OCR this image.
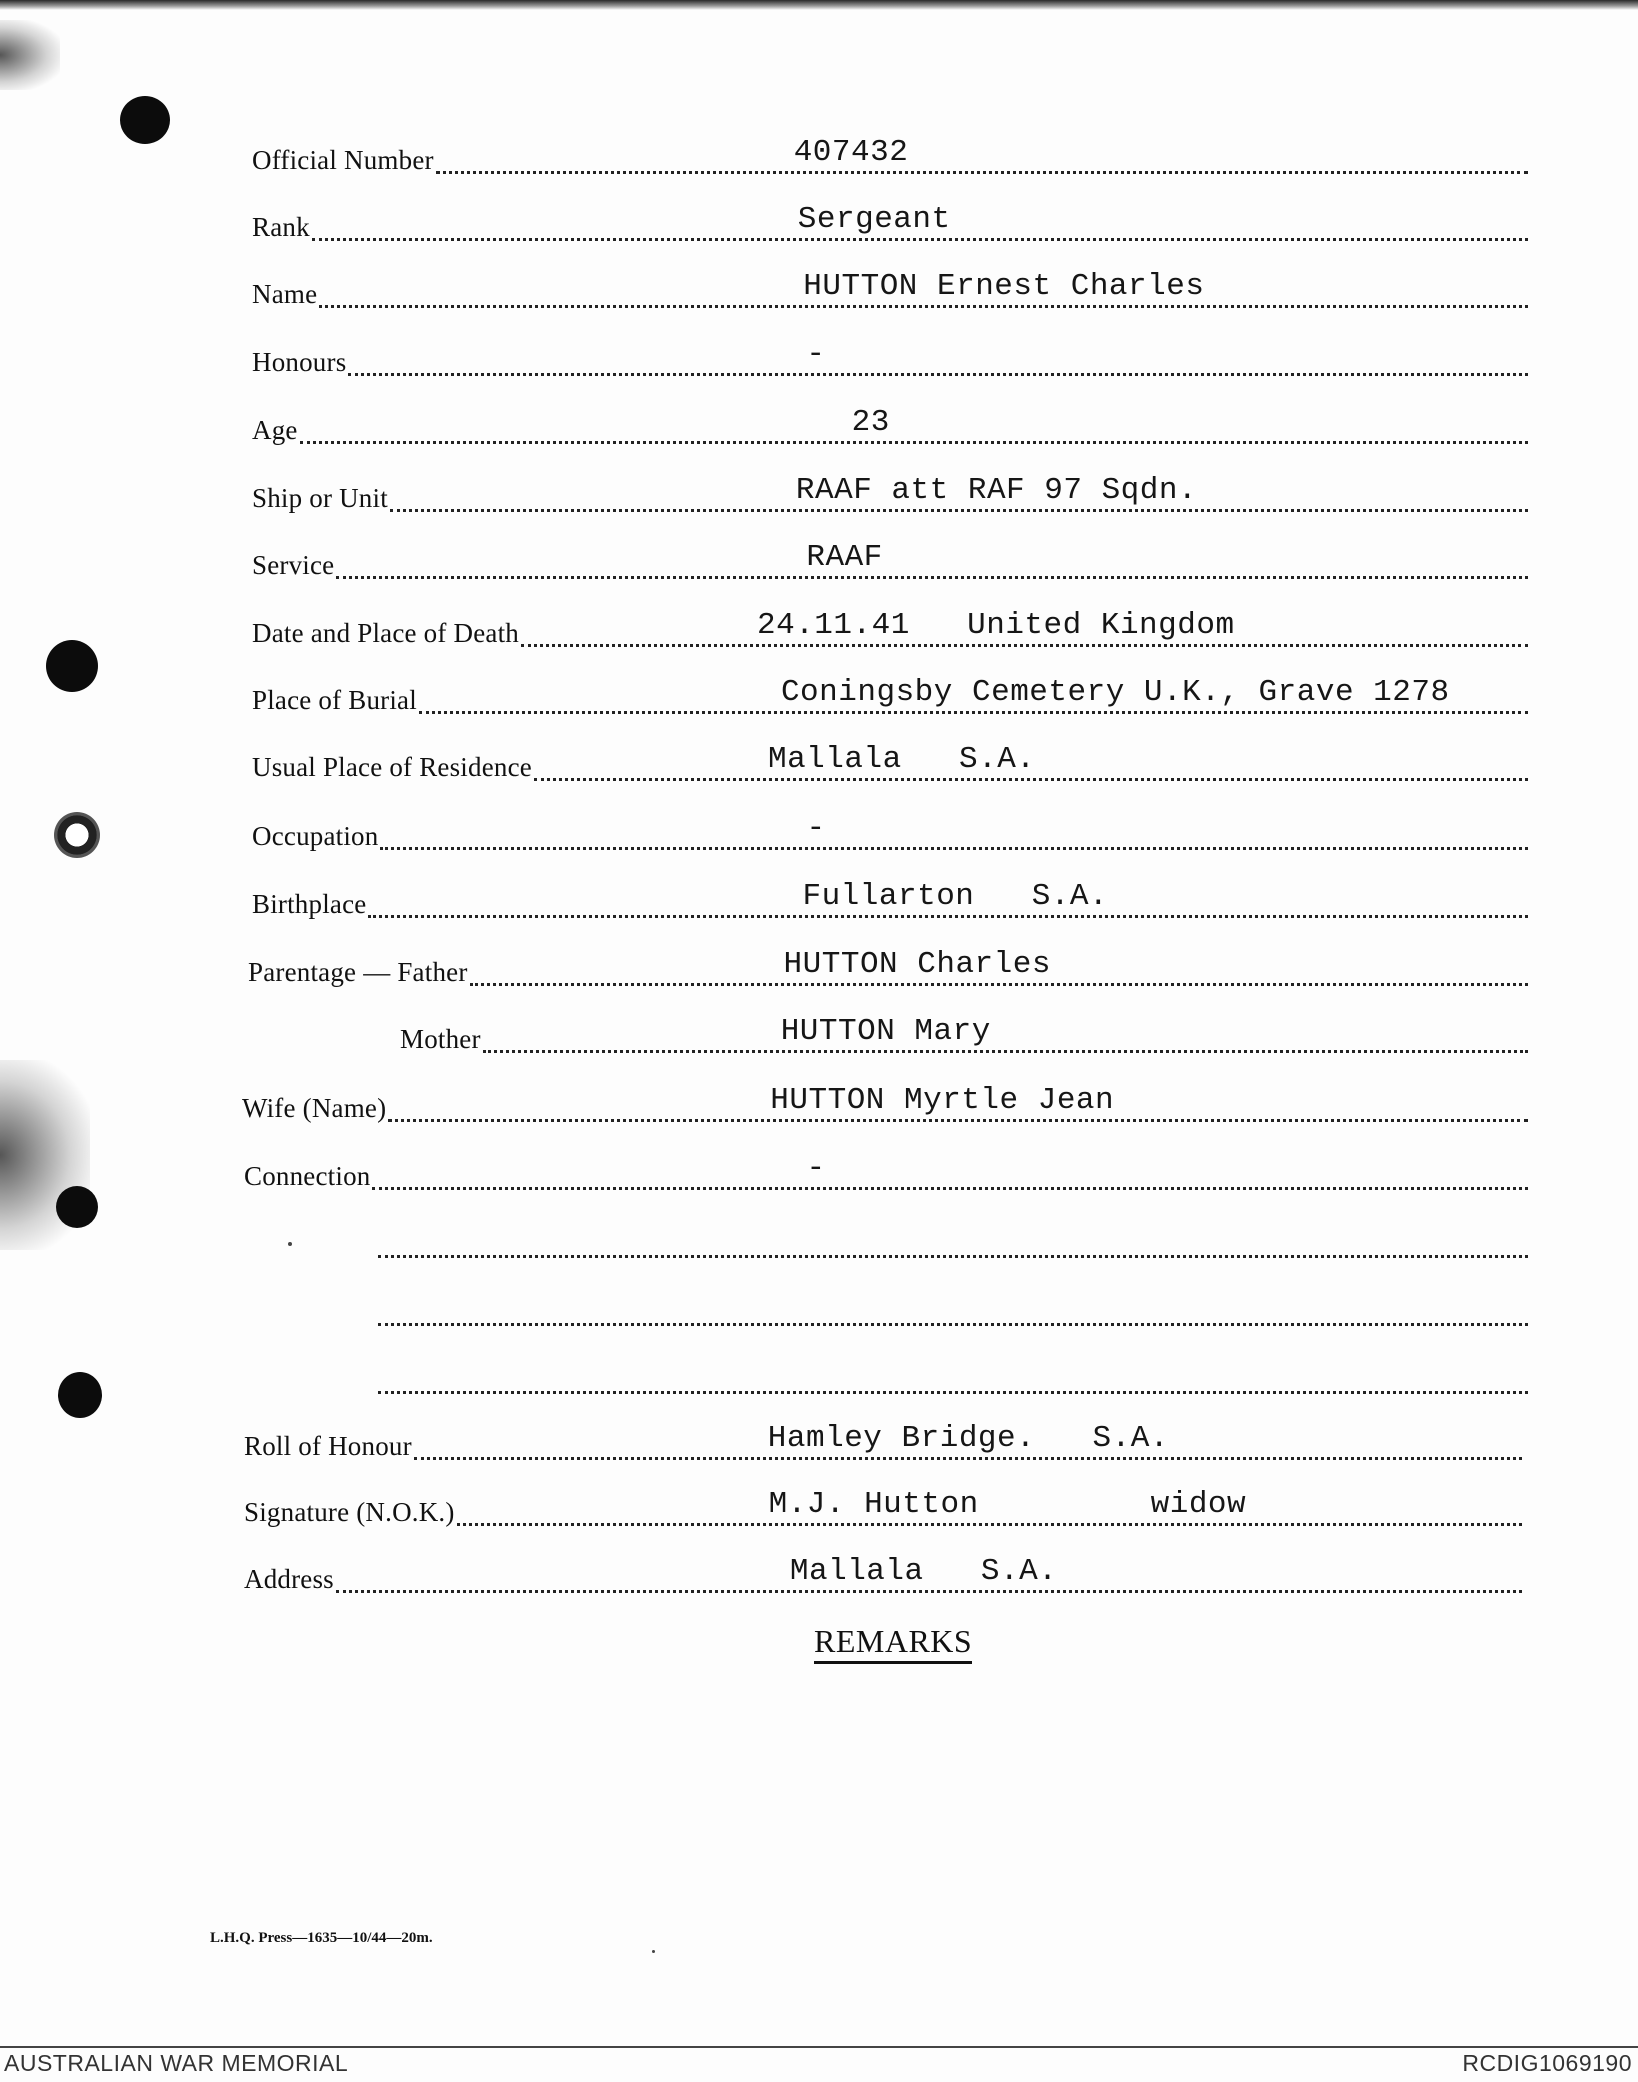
Official Number	407432
Rank	Sergeant
Name	HUTTON Ernest Charles
Honours	-
Age	23
Ship or Unit	RAAF att RAF 97 Sqdn.
Service	RAAF
Date and Place of Death	24.11.41   United Kingdom
Place of Burial	Coningsby Cemetery U.K., Grave 1278
Usual Place of Residence	Mallala   S.A.
Occupation	-
Birthplace	Fullarton   S.A.
Parentage — Father	HUTTON Charles
Mother	HUTTON Mary
Wife (Name)	HUTTON Myrtle Jean
Connection	-
Roll of Honour	Hamley Bridge.   S.A.
Signature (N.O.K.)	M.J. Hutton         widow
Address	Mallala   S.A.
REMARKS
L.H.Q. Press—1635—10/44—20m.
AUSTRALIAN WAR MEMORIAL	RCDIG1069190
